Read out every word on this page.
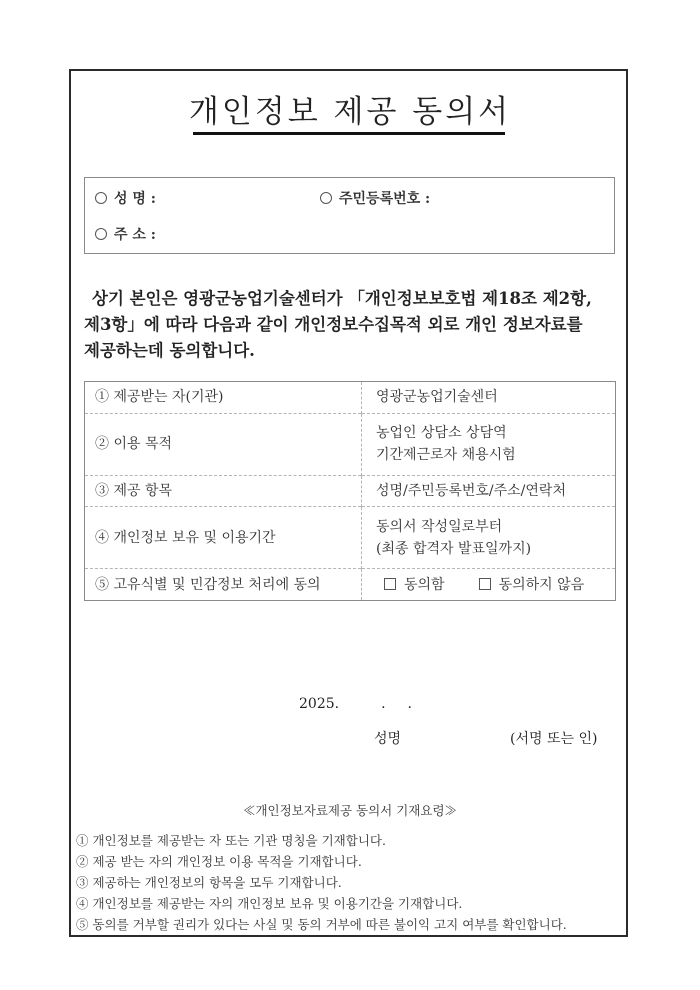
개인정보 제공 동의서
성 명 :	주민등록번호 :
주 소 :
상기 본인은 영광군농업기술센터가 「개인정보보호법 제18조 제2항,
제3항」에 따라 다음과 같이 개인정보수집목적 외로 개인 정보자료를
제공하는데 동의합니다.
① 제공받는 자(기관)	영광군농업기술센터
② 이용 목적	농업인 상담소 상담역
기간제근로자 채용시험

③ 제공 항목	성명/주민등록번호/주소/연락처
④ 개인정보 보유 및 이용기간	동의서 작성일로부터
(최종 합격자 발표일까지)

⑤ 고유식별 및 민감정보 처리에 동의	동의함 동의하지 않음
2025.	. .
성명	(서명 또는 인)
≪개인정보자료제공 동의서 기재요령≫
① 개인정보를 제공받는 자 또는 기관 명칭을 기재합니다.
② 제공 받는 자의 개인정보 이용 목적을 기재합니다.
③ 제공하는 개인정보의 항목을 모두 기재합니다.
④ 개인정보를 제공받는 자의 개인정보 보유 및 이용기간을 기재합니다.
⑤ 동의를 거부할 권리가 있다는 사실 및 동의 거부에 따른 불이익 고지 여부를 확인합니다.
